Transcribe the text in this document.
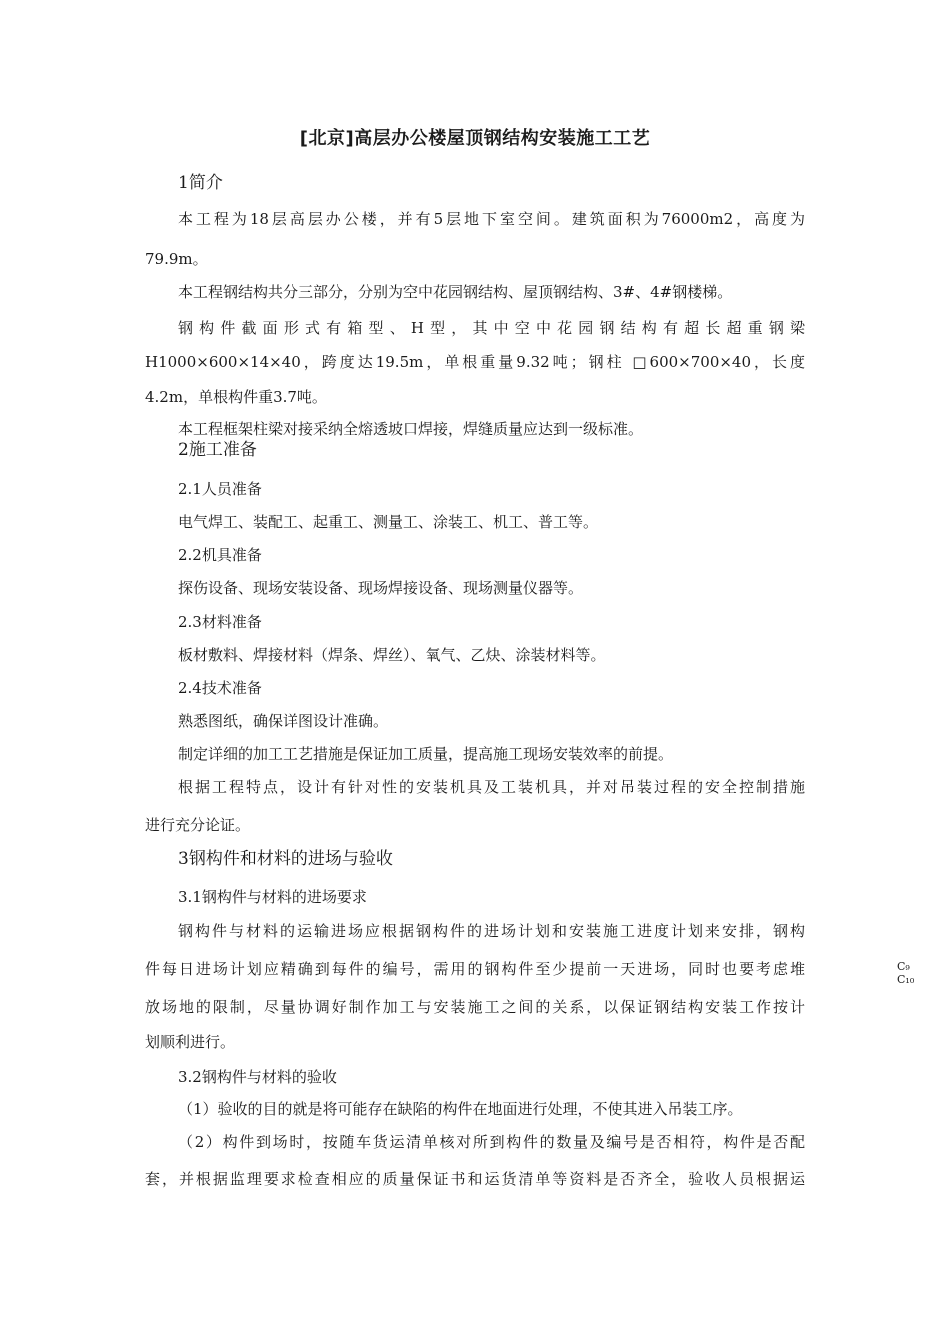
[北京]高层办公楼屋顶钢结构安装施工工艺
1简介
本工程为18层高层办公楼，并有5层地下室空间。建筑面积为76000m2，高度为
79.9m。
本工程钢结构共分三部分，分别为空中花园钢结构、屋顶钢结构、3#、4#钢楼梯。
钢构件截面形式有箱型、H型，其中空中花园钢结构有超长超重钢梁
H1000×600×14×40，跨度达19.5m，单根重量9.32吨；钢柱 □600×700×40，长度
4.2m，单根构件重3.7吨。
本工程框架柱梁对接采纳全熔透坡口焊接，焊缝质量应达到一级标准。
2施工准备
2.1人员准备
电气焊工、装配工、起重工、测量工、涂装工、机工、普工等。
2.2机具准备
探伤设备、现场安装设备、现场焊接设备、现场测量仪器等。
2.3材料准备
板材敷料、焊接材料（焊条、焊丝）、氧气、乙炔、涂装材料等。
2.4技术准备
熟悉图纸，确保详图设计准确。
制定详细的加工工艺措施是保证加工质量，提高施工现场安装效率的前提。
根据工程特点，设计有针对性的安装机具及工装机具，并对吊装过程的安全控制措施
进行充分论证。
3钢构件和材料的进场与验收
3.1钢构件与材料的进场要求
钢构件与材料的运输进场应根据钢构件的进场计划和安装施工进度计划来安排，钢构
件每日进场计划应精确到每件的编号，需用的钢构件至少提前一天进场，同时也要考虑堆
放场地的限制，尽量协调好制作加工与安装施工之间的关系，以保证钢结构安装工作按计
划顺利进行。
3.2钢构件与材料的验收
（1）验收的目的就是将可能存在缺陷的构件在地面进行处理，不使其进入吊装工序。
（2）构件到场时，按随车货运清单核对所到构件的数量及编号是否相符，构件是否配
套，并根据监理要求检查相应的质量保证书和运货清单等资料是否齐全，验收人员根据运
C₉ C₁₀
